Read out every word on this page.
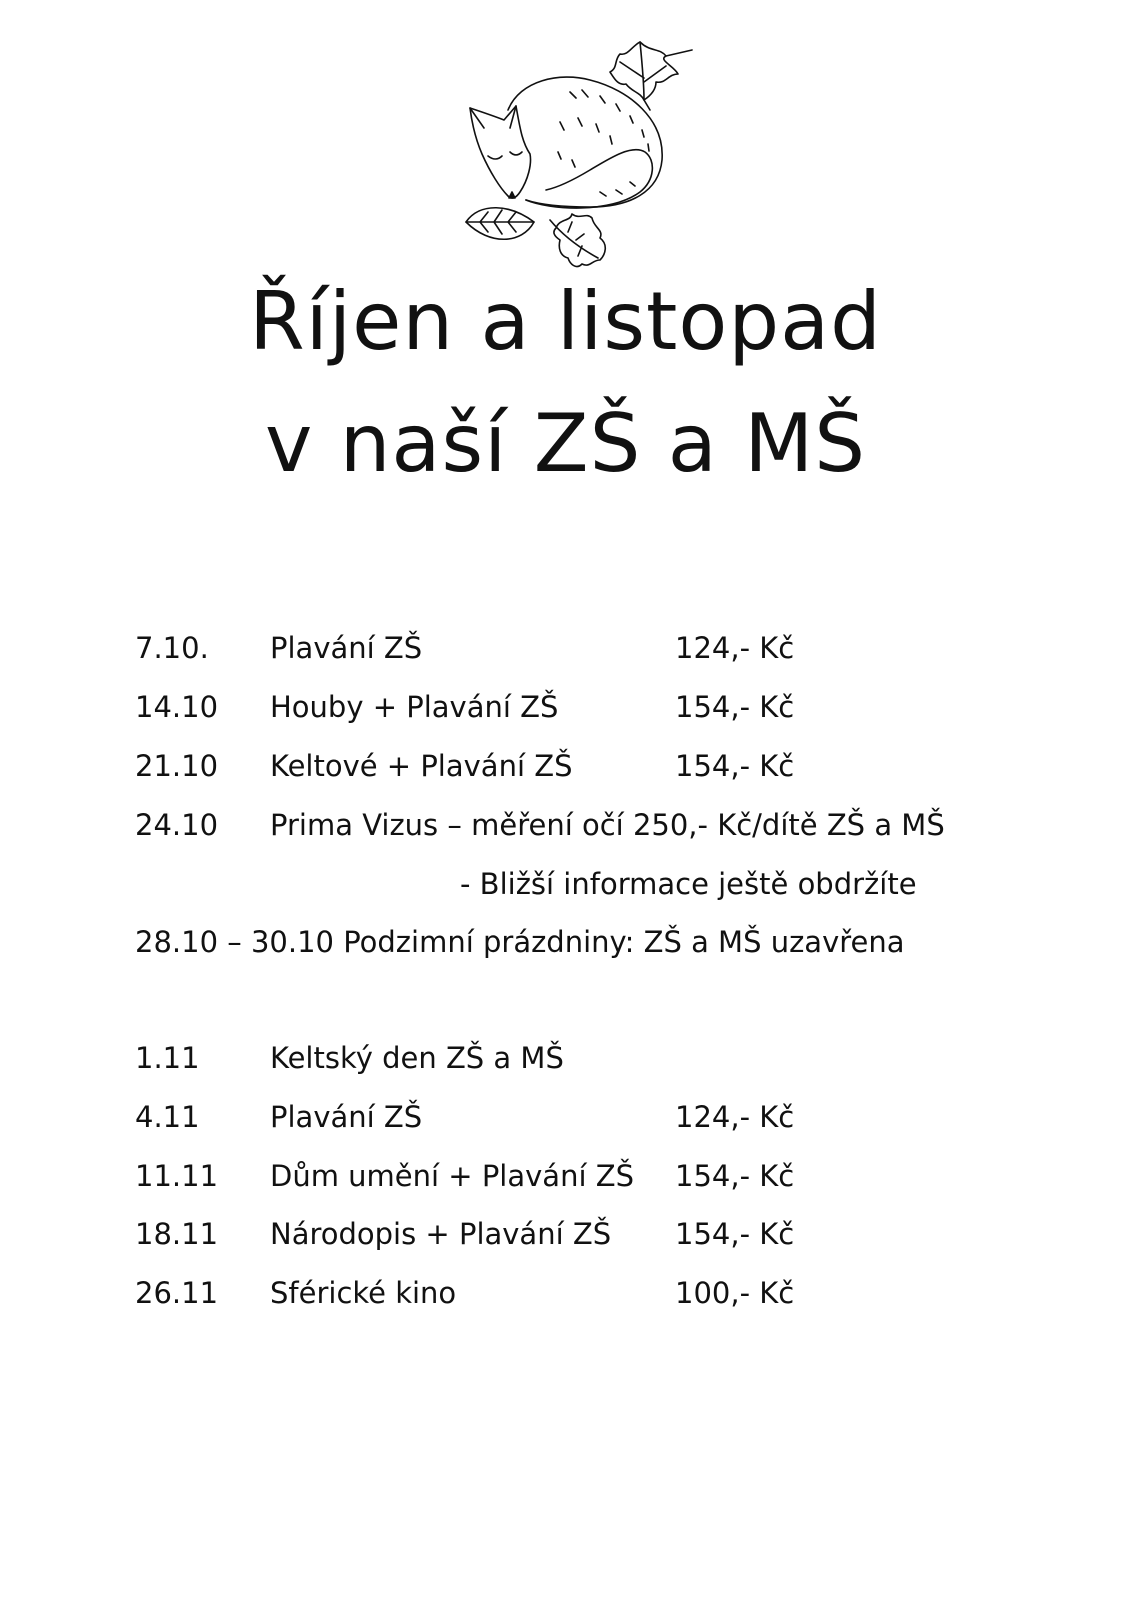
Říjen a listopad
v naší ZŠ a MŠ
7.10. Plavání ZŠ	124,- Kč
14.10 Houby + Plavání ZŠ	154,- Kč
21.10 Keltové + Plavání ZŠ	154,- Kč
24.10 Prima Vizus – měření očí 250,- Kč/dítě ZŠ a MŠ
- Bližší informace ještě obdržíte
28.10 – 30.10 Podzimní prázdniny: ZŠ a MŠ uzavřena
1.11 Keltský den ZŠ a MŠ
4.11 Plavání ZŠ	124,- Kč
11.11 Dům umění + Plavání ZŠ 154,- Kč
18.11 Národopis + Plavání ZŠ 154,- Kč
26.11 Sférické kino	100,- Kč
